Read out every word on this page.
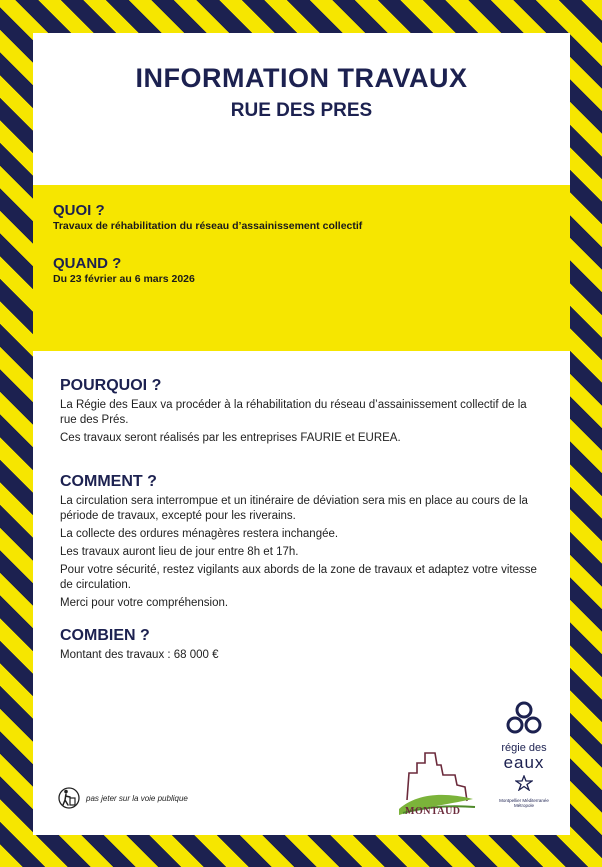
INFORMATION TRAVAUX
RUE DES PRES
QUOI ?
Travaux de réhabilitation du réseau d’assainissement collectif
QUAND ?
Du 23 février au 6 mars 2026
POURQUOI ?

La Régie des Eaux va procéder à la réhabilitation du réseau d’assainissement collectif de la rue des Prés.

Ces travaux seront réalisés par les entreprises FAURIE et EUREA.

COMMENT ?

La circulation sera interrompue et un itinéraire de déviation sera mis en place au cours de la période de travaux, excepté pour les riverains.

La collecte des ordures ménagères restera inchangée.

Les travaux auront lieu de jour entre 8h et 17h.

Pour votre sécurité, restez vigilants aux abords de la zone de travaux et adaptez votre vitesse de circulation.

Merci pour votre compréhension.

COMBIEN ?

Montant des travaux : 68 000 €

pas jeter sur la voie publique
MONTAUD
régie des
eaux
Montpellier Méditerranée Métropole
